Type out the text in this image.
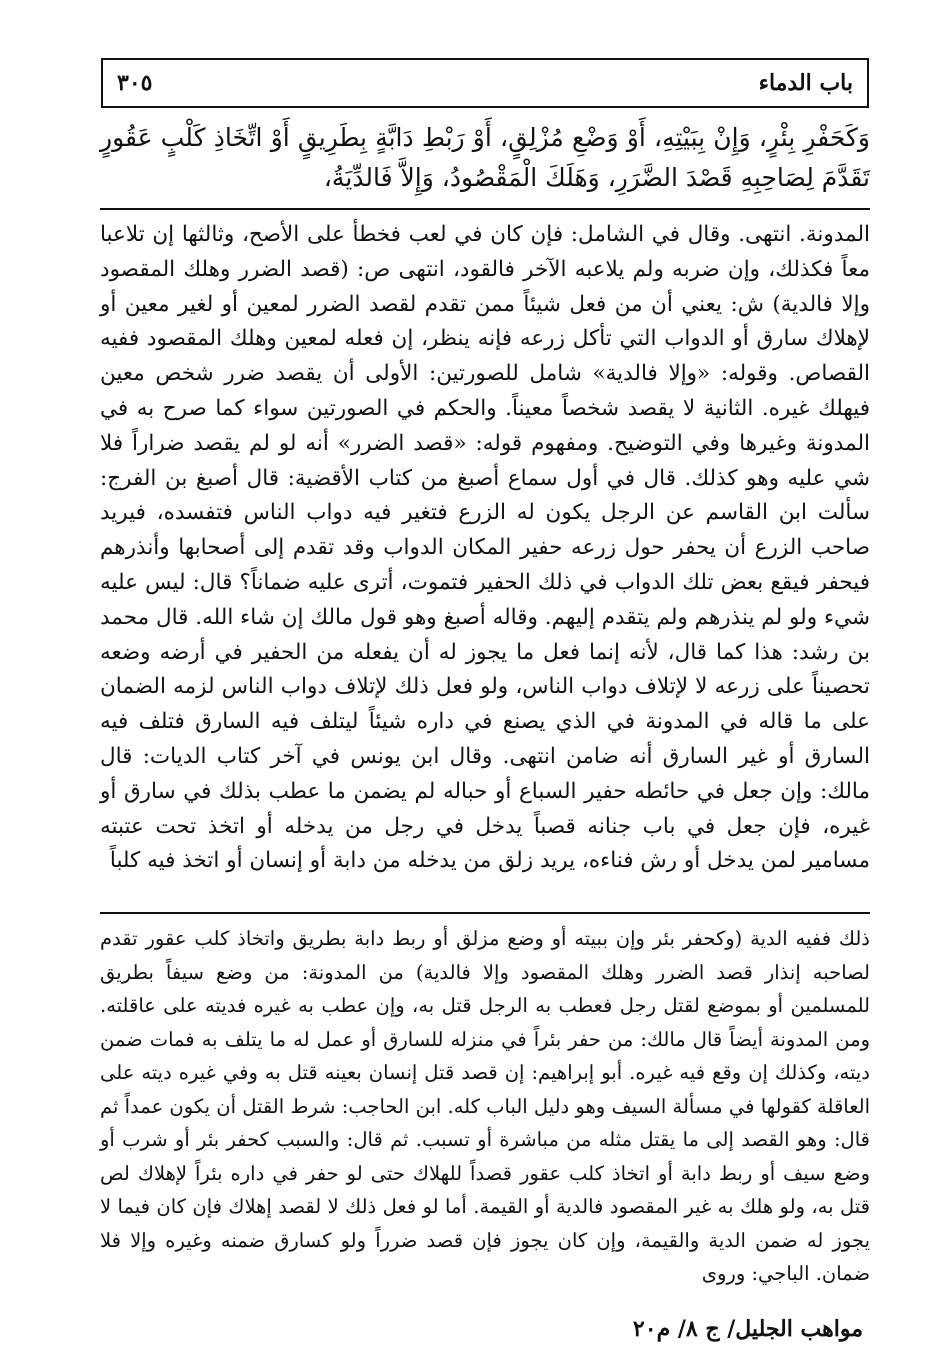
٣٠٥	باب الدماء

وَكَحَفْرِ بِئْرٍ، وَإِنْ بِبَيْتِهِ، أَوْ وَضْعِ مُزْلِقٍ، أَوْ رَبْطِ دَابَّةٍ بِطَرِيقٍ أَوْ اتِّخَاذِ كَلْبٍ عَقُورٍ تَقَدَّمَ لِصَاحِبِهِ قَصْدَ الضَّرَرِ، وَهَلَكَ الْمَقْصُودُ، وَإِلاَّ فَالدِّيَةُ،

المدونة. انتهى. وقال في الشامل: فإن كان في لعب فخطأ على الأصح، وثالثها إن تلاعبا معاً فكذلك، وإن ضربه ولم يلاعبه الآخر فالقود، انتهى ص: (قصد الضرر وهلك المقصود وإلا فالدية) ش: يعني أن من فعل شيئاً ممن تقدم لقصد الضرر لمعين أو لغير معين أو لإهلاك سارق أو الدواب التي تأكل زرعه فإنه ينظر، إن فعله لمعين وهلك المقصود ففيه القصاص. وقوله: «وإلا فالدية» شامل للصورتين: الأولى أن يقصد ضرر شخص معين فيهلك غيره. الثانية لا يقصد شخصاً معيناً. والحكم في الصورتين سواء كما صرح به في المدونة وغيرها وفي التوضيح. ومفهوم قوله: «قصد الضرر» أنه لو لم يقصد ضراراً فلا شي عليه وهو كذلك. قال في أول سماع أصبغ من كتاب الأقضية: قال أصبغ بن الفرج: سألت ابن القاسم عن الرجل يكون له الزرع فتغير فيه دواب الناس فتفسده، فيريد صاحب الزرع أن يحفر حول زرعه حفير المكان الدواب وقد تقدم إلى أصحابها وأنذرهم فيحفر فيقع بعض تلك الدواب في ذلك الحفير فتموت، أترى عليه ضماناً؟ قال: ليس عليه شيء ولو لم ينذرهم ولم يتقدم إليهم. وقاله أصبغ وهو قول مالك إن شاء الله. قال محمد بن رشد: هذا كما قال، لأنه إنما فعل ما يجوز له أن يفعله من الحفير في أرضه وضعه تحصيناً على زرعه لا لإتلاف دواب الناس، ولو فعل ذلك لإتلاف دواب الناس لزمه الضمان على ما قاله في المدونة في الذي يصنع في داره شيئاً ليتلف فيه السارق فتلف فيه السارق أو غير السارق أنه ضامن انتهى. وقال ابن يونس في آخر كتاب الديات: قال مالك: وإن جعل في حائطه حفير السباع أو حباله لم يضمن ما عطب بذلك في سارق أو غيره، فإن جعل في باب جنانه قصباً يدخل في رجل من يدخله أو اتخذ تحت عتبته مسامير لمن يدخل أو رش فناءه، يريد زلق من يدخله من دابة أو إنسان أو اتخذ فيه كلباً

ذلك ففيه الدية (وكحفر بئر وإن ببيته أو وضع مزلق أو ربط دابة بطريق واتخاذ كلب عقور تقدم لصاحبه إنذار قصد الضرر وهلك المقصود وإلا فالدية) من المدونة: من وضع سيفاً بطريق للمسلمين أو بموضع لقتل رجل فعطب به الرجل قتل به، وإن عطب به غيره فديته على عاقلته. ومن المدونة أيضاً قال مالك: من حفر بئراً في منزله للسارق أو عمل له ما يتلف به فمات ضمن ديته، وكذلك إن وقع فيه غيره. أبو إبراهيم: إن قصد قتل إنسان بعينه قتل به وفي غيره ديته على العاقلة كقولها في مسألة السيف وهو دليل الباب كله. ابن الحاجب: شرط القتل أن يكون عمداً ثم قال: وهو القصد إلى ما يقتل مثله من مباشرة أو تسبب. ثم قال: والسبب كحفر بئر أو شرب أو وضع سيف أو ربط دابة أو اتخاذ كلب عقور قصداً للهلاك حتى لو حفر في داره بئراً لإهلاك لص قتل به، ولو هلك به غير المقصود فالدية أو القيمة. أما لو فعل ذلك لا لقصد إهلاك فإن كان فيما لا يجوز له ضمن الدية والقيمة، وإن كان يجوز فإن قصد ضرراً ولو كسارق ضمنه وغيره وإلا فلا ضمان. الباجي: وروى

مواهب الجليل/ ج ٨/ م٢٠
